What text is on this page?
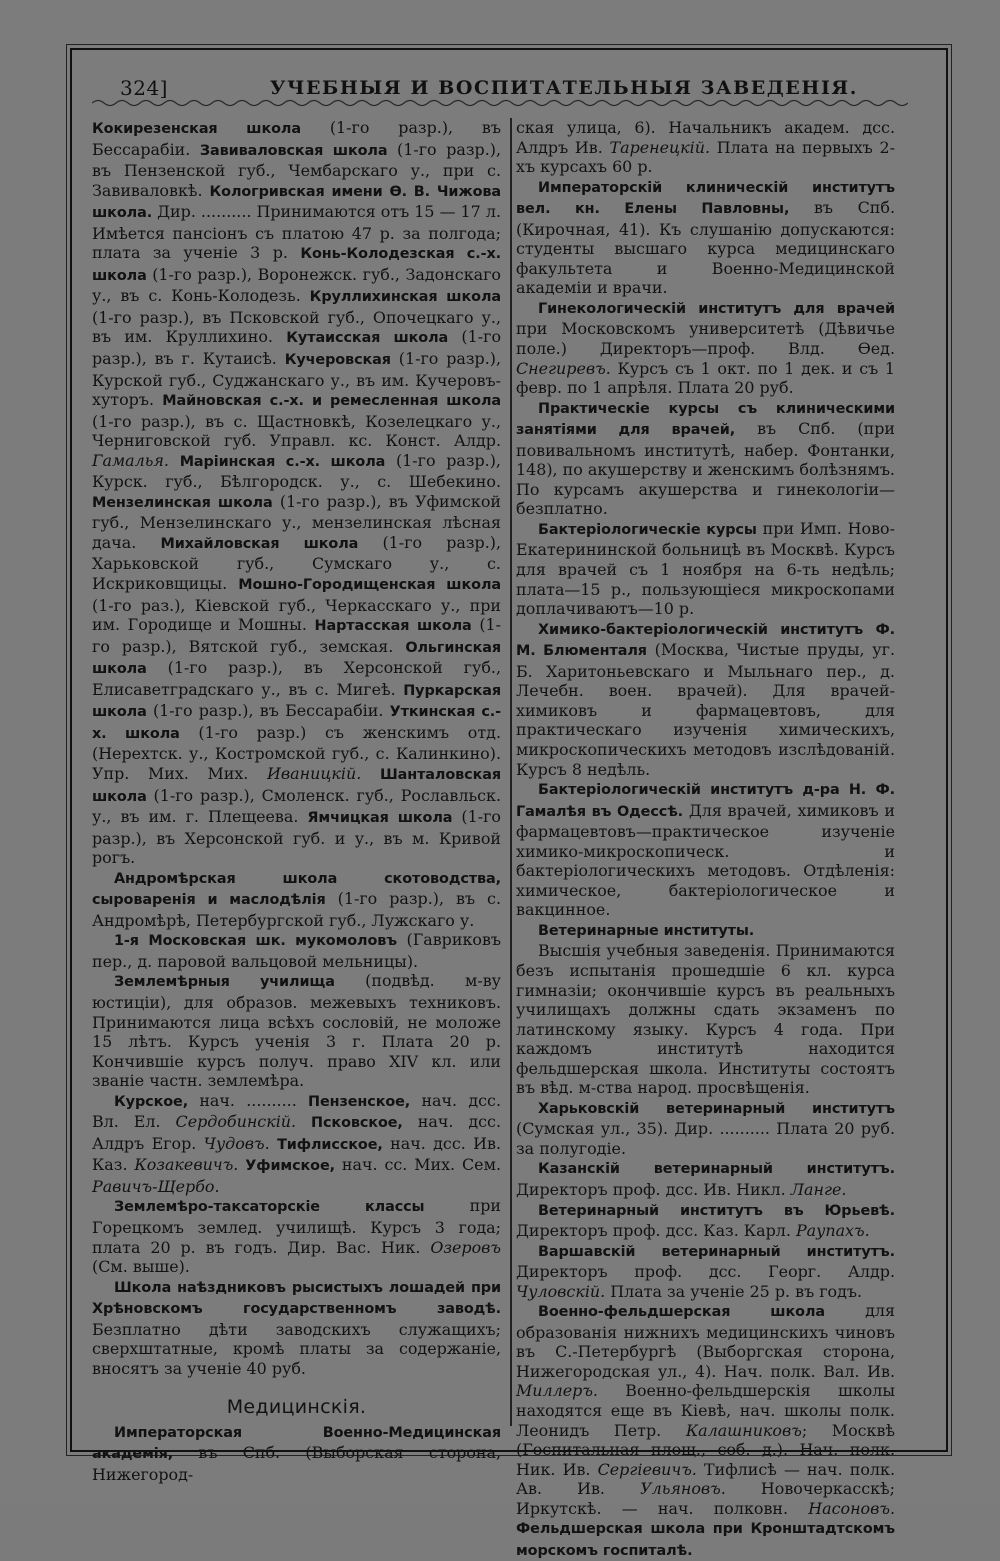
324]	УЧЕБНЫЯ И ВОСПИТАТЕЛЬНЫЯ ЗАВЕДЕНІЯ.

Кокирезенская школа (1-го разр.), въ Бессарабіи. Завиваловская школа (1-го разр.), въ Пензенской губ., Чембарскаго у., при с. Завиваловкѣ. Кологривская имени Ѳ. В. Чижова школа. Дир. .......... Принимаются отъ 15 — 17 л. Имѣется пансіонъ съ платою 47 р. за полгода; плата за ученіе 3 р. Конь-Колодезская с.-х. школа (1-го разр.), Воронежск. губ., Задонскаго у., въ с. Конь-Колодезь. Круллихинская школа (1-го разр.), въ Псковской губ., Опочецкаго у., въ им. Круллихино. Кутаисская школа (1-го разр.), въ г. Кутаисѣ. Кучеровская (1-го разр.), Курской губ., Суджанскаго у., въ им. Кучеровъ-хуторъ. Майновская с.-х. и ремесленная школа (1-го разр.), въ с. Щастновкѣ, Козелецкаго у., Черниговской губ. Управл. кс. Конст. Алдр. Гамалья. Маріинская с.-х. школа (1-го разр.), Курск. губ., Бѣлгородск. у., с. Шебекино. Мензелинская школа (1-го разр.), въ Уфимской губ., Мензелинскаго у., мензелинская лѣсная дача. Михайловская школа (1-го разр.), Харьковской губ., Сумскаго у., с. Искриковщицы. Мошно-Городищенская школа (1-го раз.), Кіевской губ., Черкасскаго у., при им. Городище и Мошны. Нартасская школа (1-го разр.), Вятской губ., земская. Ольгинская школа (1-го разр.), въ Херсонской губ., Елисаветградскаго у., въ с. Мигеѣ. Пуркарская школа (1-го разр.), въ Бессарабіи. Уткинская с.-х. школа (1-го разр.) съ женскимъ отд. (Нерехтск. у., Костромской губ., с. Калинкино). Упр. Мих. Мих. Иваницкій. Шанталовская школа (1-го разр.), Смоленск. губ., Рославльск. у., въ им. г. Плещеева. Ямчицкая школа (1-го разр.), въ Херсонской губ. и у., въ м. Кривой рогъ.

Андромѣрская школа скотоводства, сыроваренія и маслодѣлія (1-го разр.), въ с. Андромѣрѣ, Петербургской губ., Лужскаго у.

1-я Московская шк. мукомоловъ (Гавриковъ пер., д. паровой вальцовой мельницы).

Землемѣрныя училища (подвѣд. м-ву юстиціи), для образов. межевыхъ техниковъ. Принимаются лица всѣхъ сословій, не моложе 15 лѣтъ. Курсъ ученія 3 г. Плата 20 р. Кончившіе курсъ получ. право XIV кл. или званіе частн. землемѣра.

Курское, нач. .......... Пензенское, нач. дсс. Вл. Ел. Сердобинскій. Псковское, нач. дсс. Алдръ Егор. Чудовъ. Тифлисское, нач. дсс. Ив. Каз. Козакевичъ. Уфимское, нач. сс. Мих. Сем. Равичъ-Щербо.

Землемѣро-таксаторскіе классы при Горецкомъ землед. училищѣ. Курсъ 3 года; плата 20 р. въ годъ. Дир. Вас. Ник. Озеровъ (См. выше).

Школа наѣздниковъ рысистыхъ лошадей при Хрѣновскомъ государственномъ заводѣ. Безплатно дѣти заводскихъ служащихъ; сверхштатные, кромѣ платы за содержаніе, вносятъ за ученіе 40 руб.

Медицинскія.

Императорская Военно-Медицинская академія, въ Спб. (Выборская сторона, Нижегород-

ская улица, 6). Начальникъ академ. дсс. Алдръ Ив. Таренецкій. Плата на первыхъ 2-хъ курсахъ 60 р.

Императорскій клиническій институтъ вел. кн. Елены Павловны, въ Спб. (Кирочная, 41). Къ слушанію допускаются: студенты высшаго курса медицинскаго факультета и Военно-Медицинской академіи и врачи.

Гинекологическій институтъ для врачей при Московскомъ университетѣ (Дѣвичье поле.) Директоръ—проф. Влд. Ѳед. Снегиревъ. Курсъ съ 1 окт. по 1 дек. и съ 1 февр. по 1 апрѣля. Плата 20 руб.

Практическіе курсы съ клиническими занятіями для врачей, въ Спб. (при повивальномъ институтѣ, набер. Фонтанки, 148), по акушерству и женскимъ болѣзнямъ. По курсамъ акушерства и гинекологіи—безплатно.

Бактеріологическіе курсы при Имп. Ново-Екатерининской больницѣ въ Москвѣ. Курсъ для врачей съ 1 ноября на 6-ть недѣль; плата—15 р., пользующіеся микроскопами доплачиваютъ—10 р.

Химико-бактеріологическій институтъ Ф. М. Блюменталя (Москва, Чистые пруды, уг. Б. Харитоньевскаго и Мыльнаго пер., д. Лечебн. воен. врачей). Для врачей-химиковъ и фармацевтовъ, для практическаго изученія химическихъ, микроскопическихъ методовъ изслѣдованій. Курсъ 8 недѣль.

Бактеріологическій институтъ д-ра Н. Ф. Гамалѣя въ Одессѣ. Для врачей, химиковъ и фармацевтовъ—практическое изученіе химико-микроскопическ. и бактеріологическихъ методовъ. Отдѣленія: химическое, бактеріологическое и вакцинное.

Ветеринарные институты.

Высшія учебныя заведенія. Принимаются безъ испытанія прошедшіе 6 кл. курса гимназіи; окончившіе курсъ въ реальныхъ училищахъ должны сдать экзаменъ по латинскому языку. Курсъ 4 года. При каждомъ институтѣ находится фельдшерская школа. Институты состоятъ въ вѣд. м-ства народ. просвѣщенія.

Харьковскій ветеринарный институтъ (Сумская ул., 35). Дир. .......... Плата 20 руб. за полугодіе.

Казанскій ветеринарный институтъ. Директоръ проф. дсс. Ив. Никл. Ланге.

Ветеринарный институтъ въ Юрьевѣ. Директоръ проф. дсс. Каз. Карл. Раупахъ.

Варшавскій ветеринарный институтъ. Директоръ проф. дсс. Георг. Алдр. Чуловскій. Плата за ученіе 25 р. въ годъ.

Военно-фельдшерская школа для образованія нижнихъ медицинскихъ чиновъ въ С.-Петербургѣ (Выборгская сторона, Нижегородская ул., 4). Нач. полк. Вал. Ив. Миллеръ. Военно-фельдшерскія школы находятся еще въ Кіевѣ, нач. школы полк. Леонидъ Петр. Калашниковъ; Москвѣ (Госпитальная площ., соб. д.). Нач. полк. Ник. Ив. Сергіевичъ. Тифлисѣ — нач. полк. Ав. Ив. Ульяновъ. Новочеркасскѣ; Иркутскѣ. — нач. полковн. Насоновъ. Фельдшерская школа при Кронштадтскомъ морскомъ госпиталѣ.
